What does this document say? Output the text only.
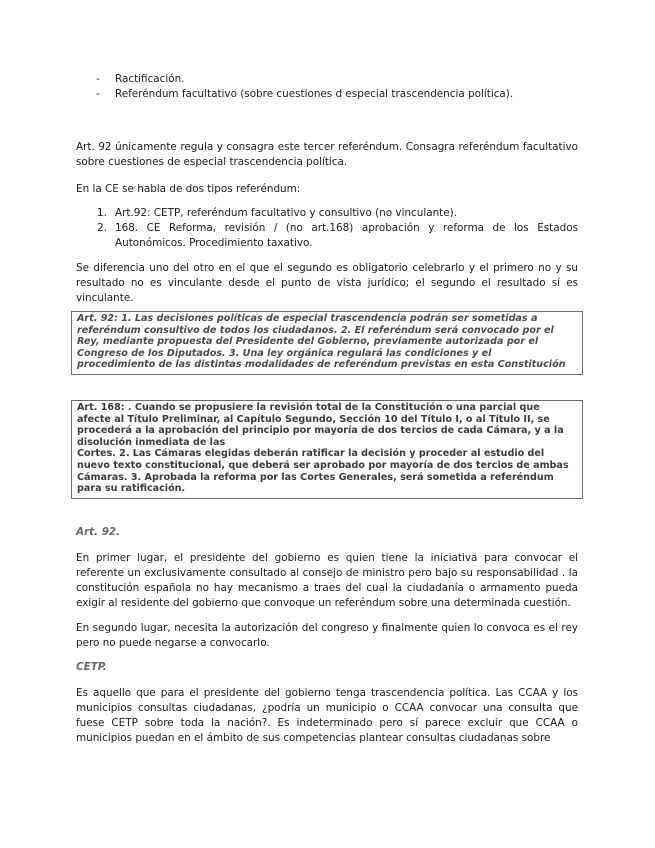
- Ractificación.
- Referéndum facultativo (sobre cuestiones d especial trascendencia política).

Art. 92 únicamente regula y consagra este tercer referéndum. Consagra referéndum facultativo sobre cuestiones de especial trascendencia política.

En la CE se habla de dos tipos referéndum:

1. Art.92: CETP, referéndum facultativo y consultivo (no vinculante).
2. 168. CE Reforma, revisión / (no art.168) aprobación y reforma de los Estados Autonómicos. Procedimiento taxativo.

Se diferencia uno del otro en el que el segundo es obligatorio celebrarlo y el primero no y su resultado no es vinculante desde el punto de vista jurídico; el segundo el resultado sí es vinculante.

Art. 92: 1. Las decisiones políticas de especial trascendencia podrán ser sometidas a
referéndum consultivo de todos los ciudadanos. 2. El referéndum será convocado por el
Rey, mediante propuesta del Presidente del Gobierno, previamente autorizada por el
Congreso de los Diputados. 3. Una ley orgánica regulará las condiciones y el
procedimiento de las distintas modalidades de referéndum previstas en esta Constitución
Art. 168: . Cuando se propusiere la revisión total de la Constitución o una parcial que
afecte al Título Preliminar, al Capítulo Segundo, Sección 10 del Título I, o al Título II, se
procederá a la aprobación del principio por mayoría de dos tercios de cada Cámara, y a la
disolución inmediata de las
Cortes. 2. Las Cámaras elegidas deberán ratificar la decisión y proceder al estudio del
nuevo texto constitucional, que deberá ser aprobado por mayoría de dos tercios de ambas
Cámaras. 3. Aprobada la reforma por las Cortes Generales, será sometida a referéndum
para su ratificación.

Art. 92.

En primer lugar, el presidente del gobierno es quien tiene la iniciativa para convocar el referente un exclusivamente consultado al consejo de ministro pero bajo su responsabilidad . la constitución española no hay mecanismo a traes del cual la ciudadanía o armamento pueda exigir al residente del gobierno que convoque un referéndum sobre una determinada cuestión.

En segundo lugar, necesita la autorización del congreso y finalmente quien lo convoca es el rey pero no puede negarse a convocarlo.

CETP.

Es aquello que para el presidente del gobierno tenga trascendencia política. Las CCAA y los municipios consultas ciudadanas, ¿podría un municipio o CCAA convocar una consulta que fuese CETP sobre toda la nación?. Es indeterminado pero sí parece excluir que CCAA o municipios puedan en el ámbito de sus competencias plantear consultas ciudadanas sobre
